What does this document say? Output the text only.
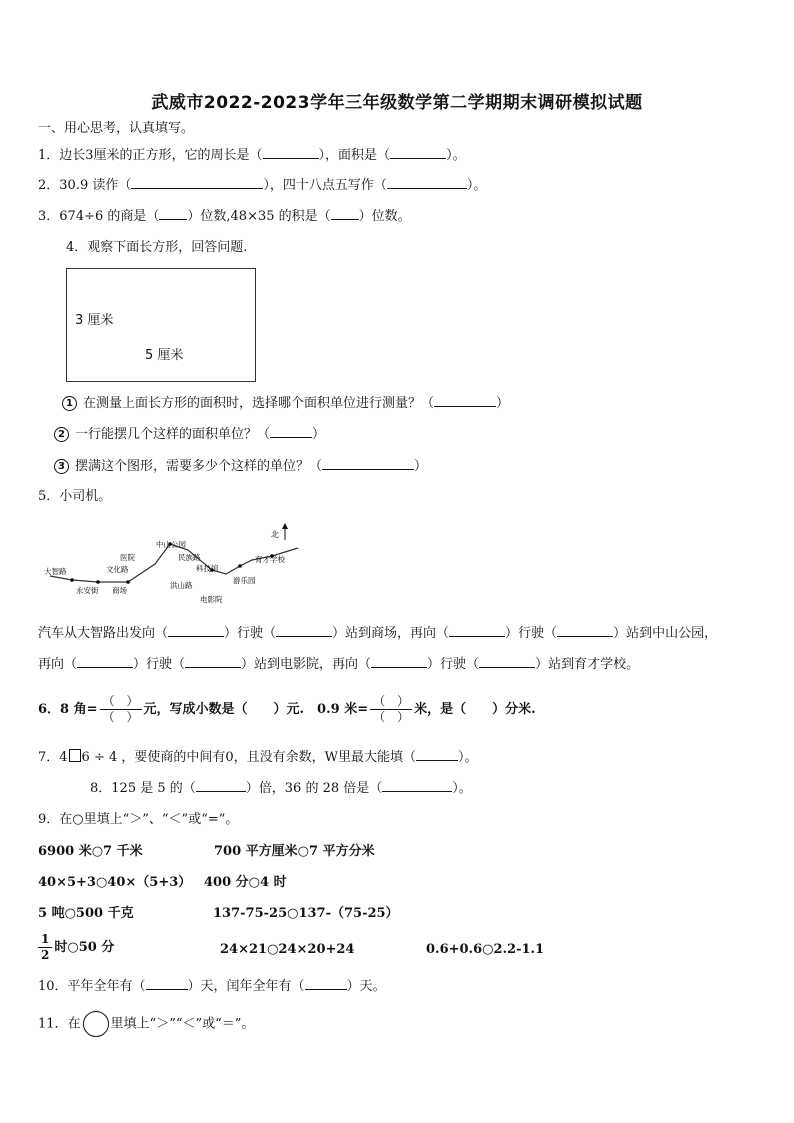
武威市2022-2023学年三年级数学第二学期期末调研模拟试题
一、用心思考，认真填写。
1．边长3厘米的正方形，它的周长是（	），面积是（	）。
2．30.9 读作（	），四十八点五写作（	）。
3．674÷6 的商是（ ）位数,48×35 的积是（ ）位数。
4．观察下面长方形，回答问题.
3 厘米
5 厘米
1 在测量上面长方形的面积时，选择哪个面积单位进行测量？（	）
2 一行能摆几个这样的面积单位？（	）
3 摆满这个图形，需要多少个这样的单位？（	）
5．小司机。
北
大智路
永安街 商场
文化路
医院
中山公园
民族路
科技馆
洪山路
电影院
游乐园
育才学校
汽车从大智路出发向（	）行驶（	）站到商场，再向（	）行驶（	）站到中山公园，
再向（	）行驶（	）站到电影院，再向（	）行驶（	）站到育才学校。
6．8 角= $\frac{( )}{( )}$ 元，写成小数是（　　）元.　0.9 米= $\frac{( )}{( )}$ 米，是（　　）分米.
7．4 6 ÷ 4 ，要使商的中间有0，且没有余数，W里最大能填（	）。
8．125 是 5 的（	）倍，36 的 28 倍是（	）。
9．在○里填上“＞”、“＜”或“=”。
6900 米○7 千米	700 平方厘米○7 平方分米
40×5+3○40×（5+3） 400 分○4 时
5 吨○500 千克	137-75-25○137-（75-25）
$\frac{1}{2}$ 时○50 分	24×21○24×20+24	0.6+0.6○2.2-1.1
10．平年全年有（	）天，闰年全年有（	）天。
11．在 里填上“＞”“＜”或“＝”。
